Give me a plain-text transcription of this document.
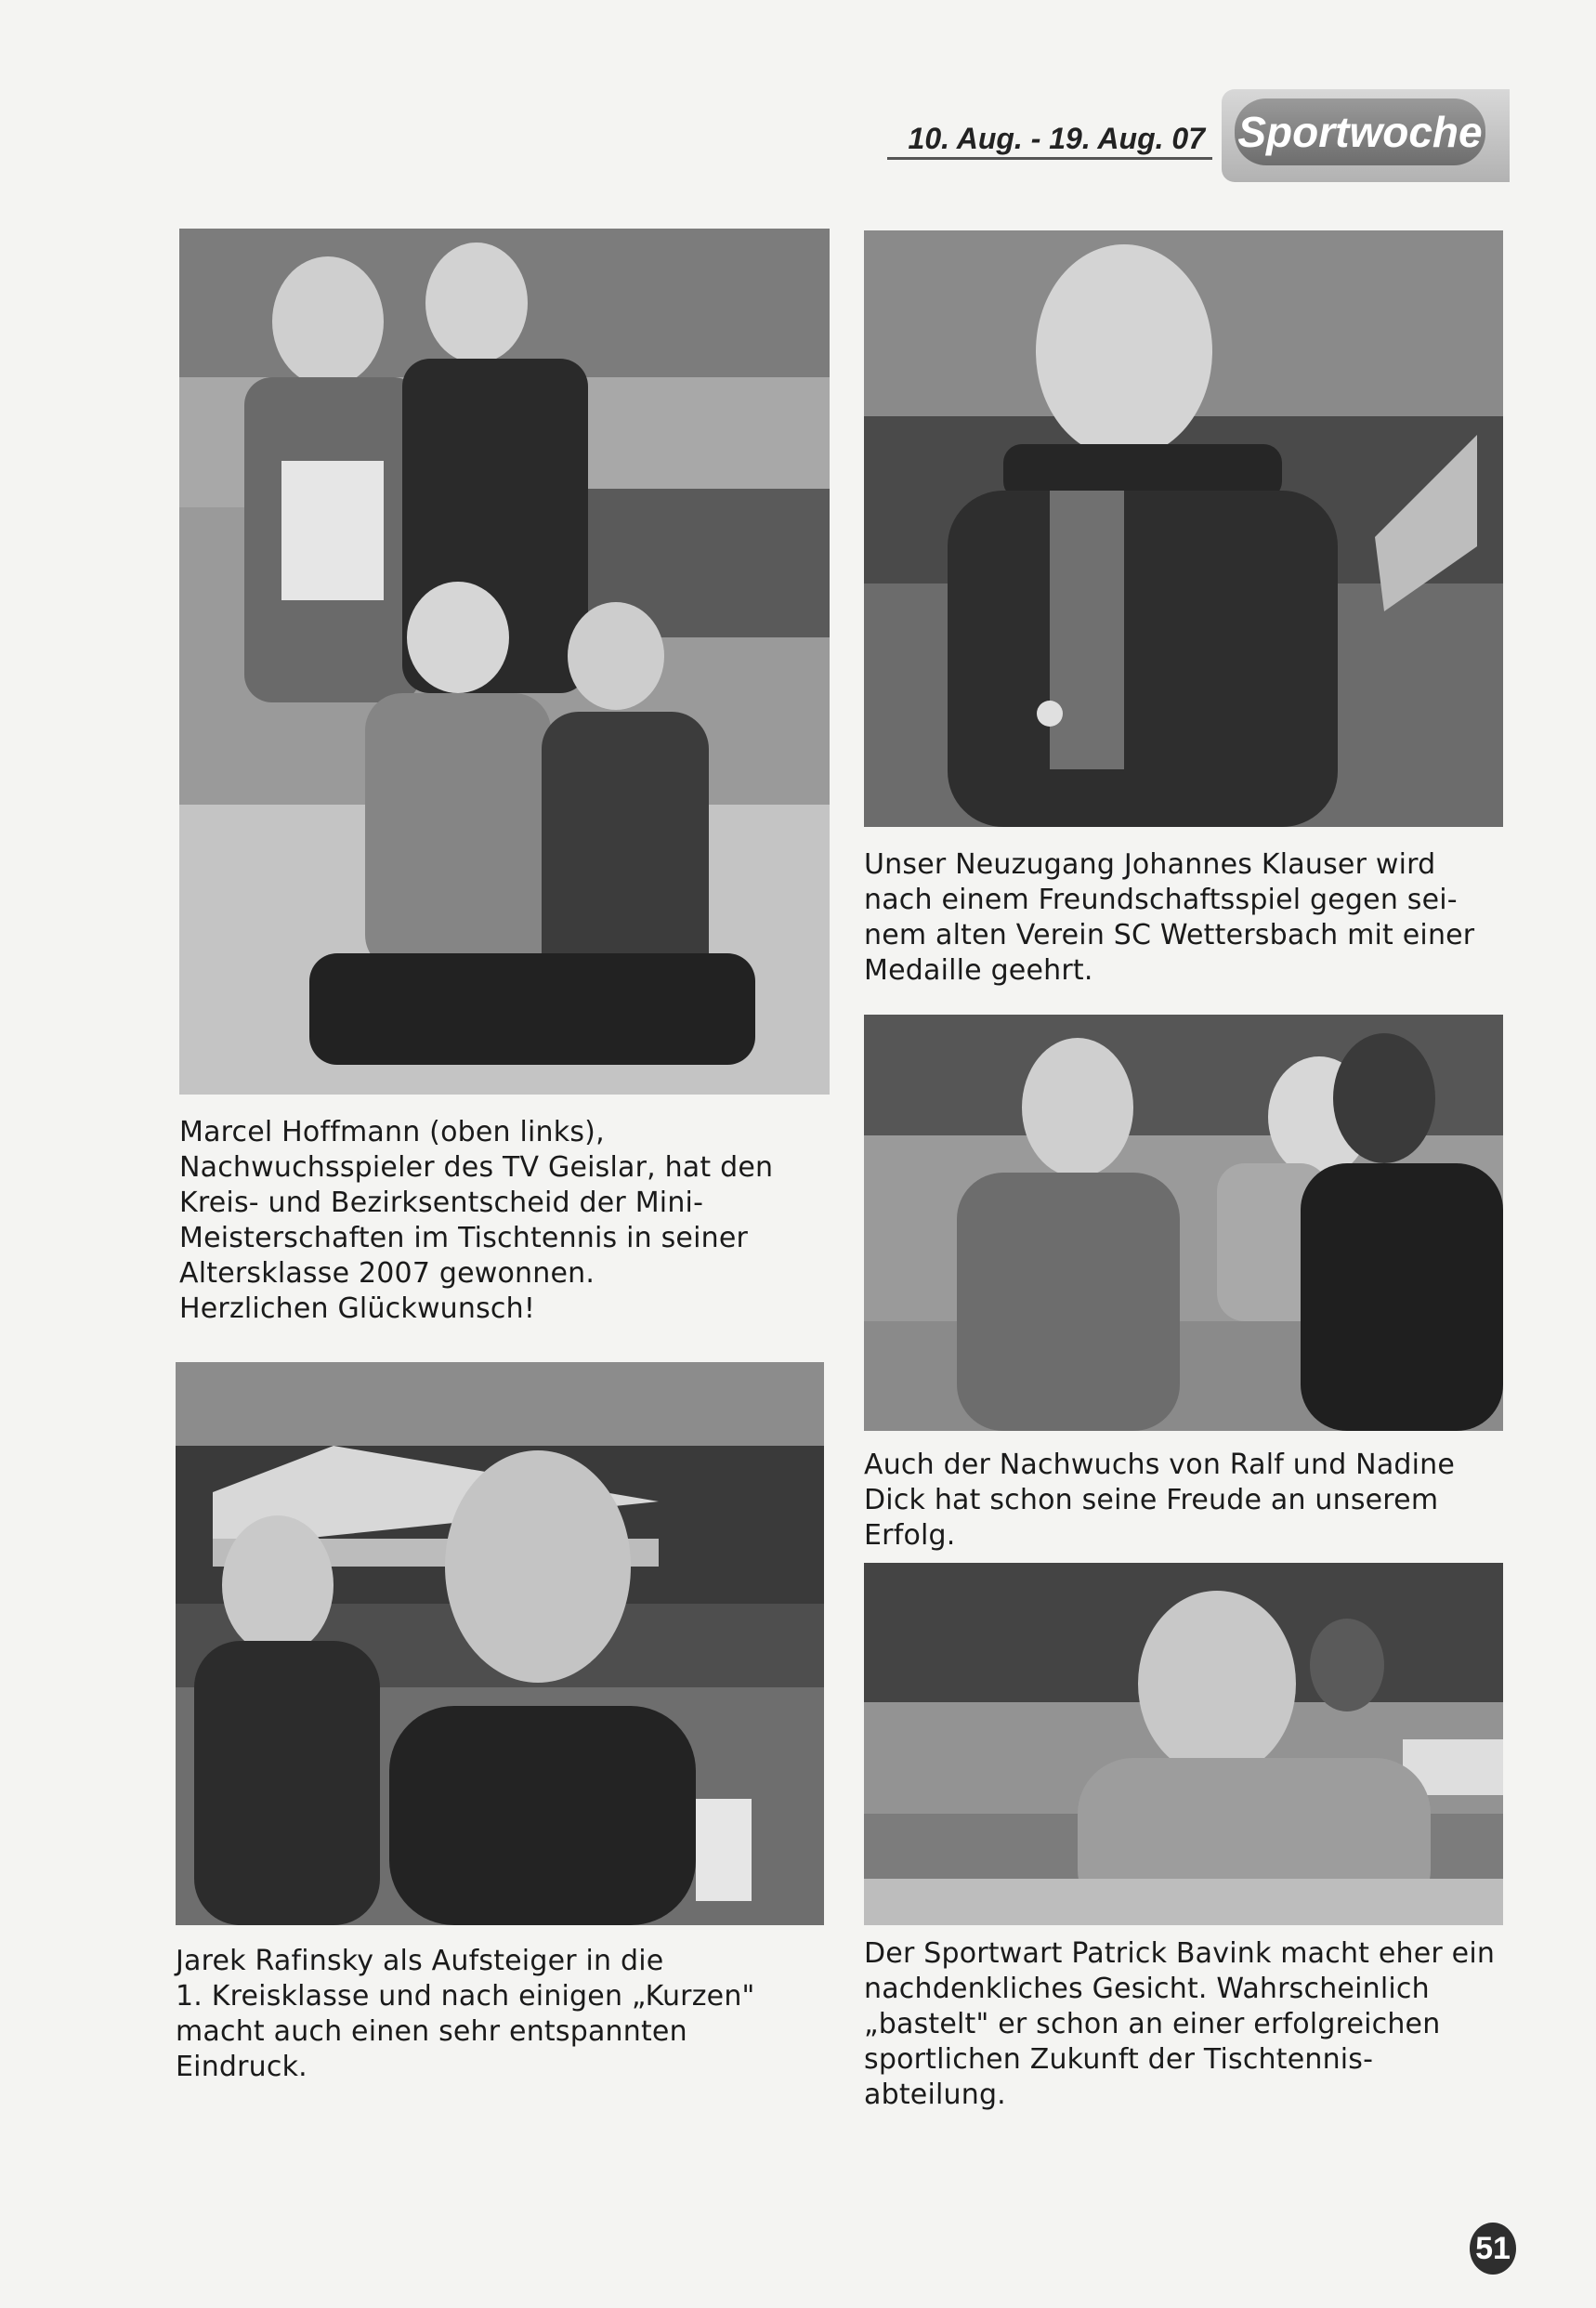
10. Aug. - 19. Aug. 07 Sportwoche

Unser Neuzugang Johannes Klauser wird
nach einem Freundschaftsspiel gegen sei-
nem alten Verein SC Wettersbach mit einer
Medaille geehrt.

Marcel Hoffmann (oben links),
Nachwuchsspieler des TV Geislar, hat den
Kreis- und Bezirksentscheid der Mini-
Meisterschaften im Tischtennis in seiner
Altersklasse 2007 gewonnen.
Herzlichen Glückwunsch!

Auch der Nachwuchs von Ralf und Nadine
Dick hat schon seine Freude an unserem
Erfolg.

Jarek Rafinsky als Aufsteiger in die
1. Kreisklasse und nach einigen „Kurzen"
macht auch einen sehr entspannten
Eindruck.

Der Sportwart Patrick Bavink macht eher ein
nachdenkliches Gesicht. Wahrscheinlich
„bastelt" er schon an einer erfolgreichen
sportlichen Zukunft der Tischtennis-
abteilung.

51
